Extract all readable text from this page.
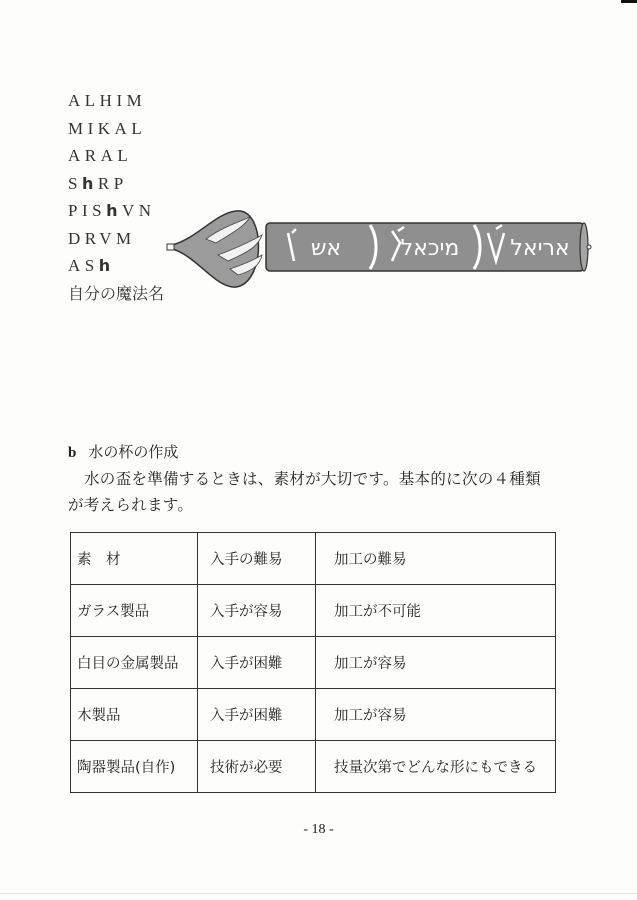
ALHIM
MIKAL
ARAL
ShRP
PIShVN
DRVM
ASh
自分の魔法名
אש	מיכאל אריאל
b 水の杯の作成
水の盃を準備するときは、素材が大切です。基本的に次の４種類
が考えられます。
素　材	入手の難易	加工の難易
ガラス製品	入手が容易	加工が不可能
白目の金属製品	入手が困難	加工が容易
木製品	入手が困難	加工が容易
陶器製品(自作)	技術が必要	技量次第でどんな形にもできる
- 18 -
